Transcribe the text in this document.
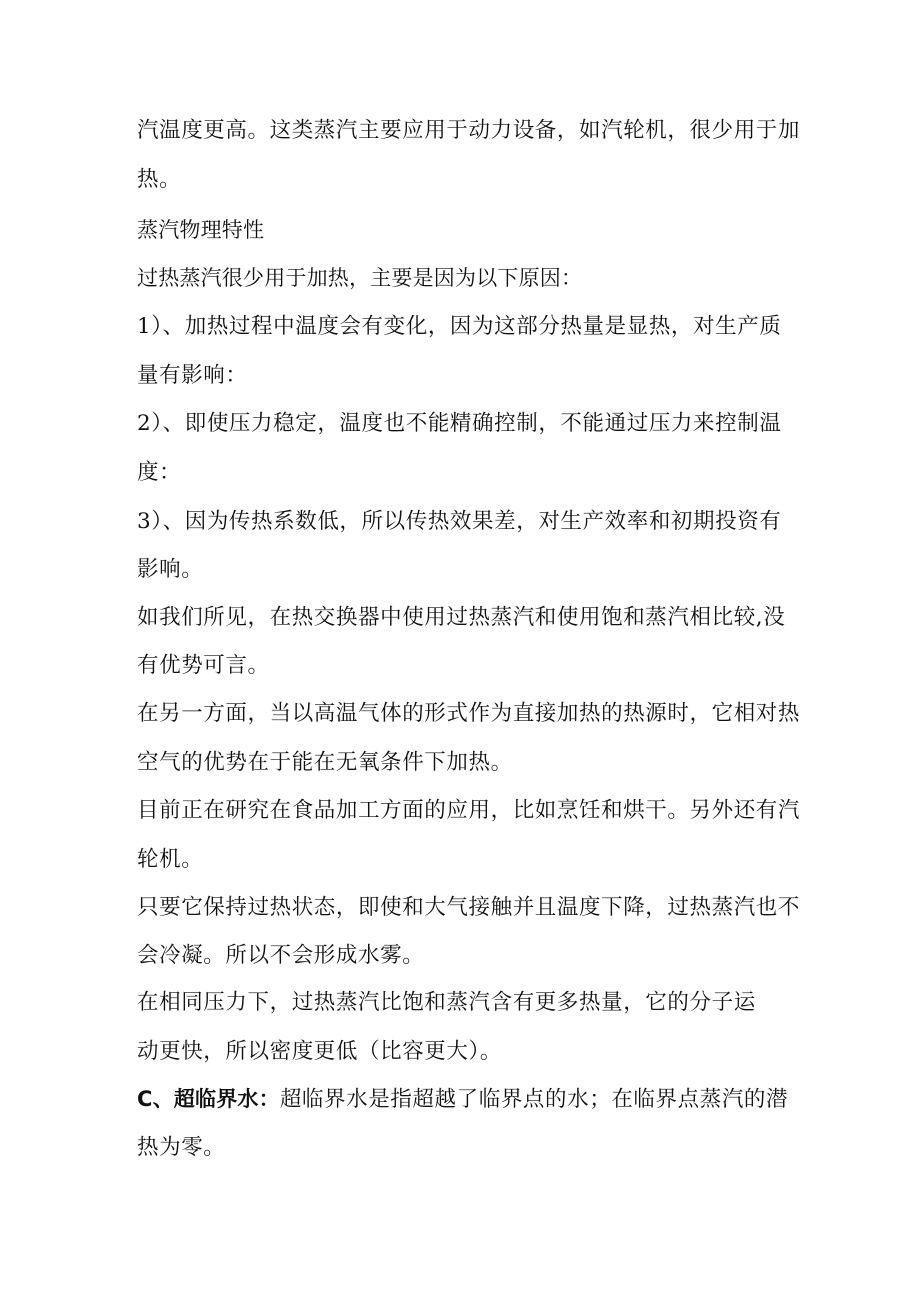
汽温度更高。这类蒸汽主要应用于动力设备，如汽轮机，很少用于加
热。
蒸汽物理特性
过热蒸汽很少用于加热，主要是因为以下原因：
1）、加热过程中温度会有变化，因为这部分热量是显热，对生产质
量有影响：
2）、即使压力稳定，温度也不能精确控制，不能通过压力来控制温
度：
3）、因为传热系数低，所以传热效果差，对生产效率和初期投资有
影响。
如我们所见，在热交换器中使用过热蒸汽和使用饱和蒸汽相比较,没
有优势可言。
在另一方面，当以高温气体的形式作为直接加热的热源时，它相对热
空气的优势在于能在无氧条件下加热。
目前正在研究在食品加工方面的应用，比如烹饪和烘干。另外还有汽
轮机。
只要它保持过热状态，即使和大气接触并且温度下降，过热蒸汽也不
会冷凝。所以不会形成水雾。
在相同压力下，过热蒸汽比饱和蒸汽含有更多热量，它的分子运
动更快，所以密度更低（比容更大）。
C、超临界水：超临界水是指超越了临界点的水；在临界点蒸汽的潜
热为零。
